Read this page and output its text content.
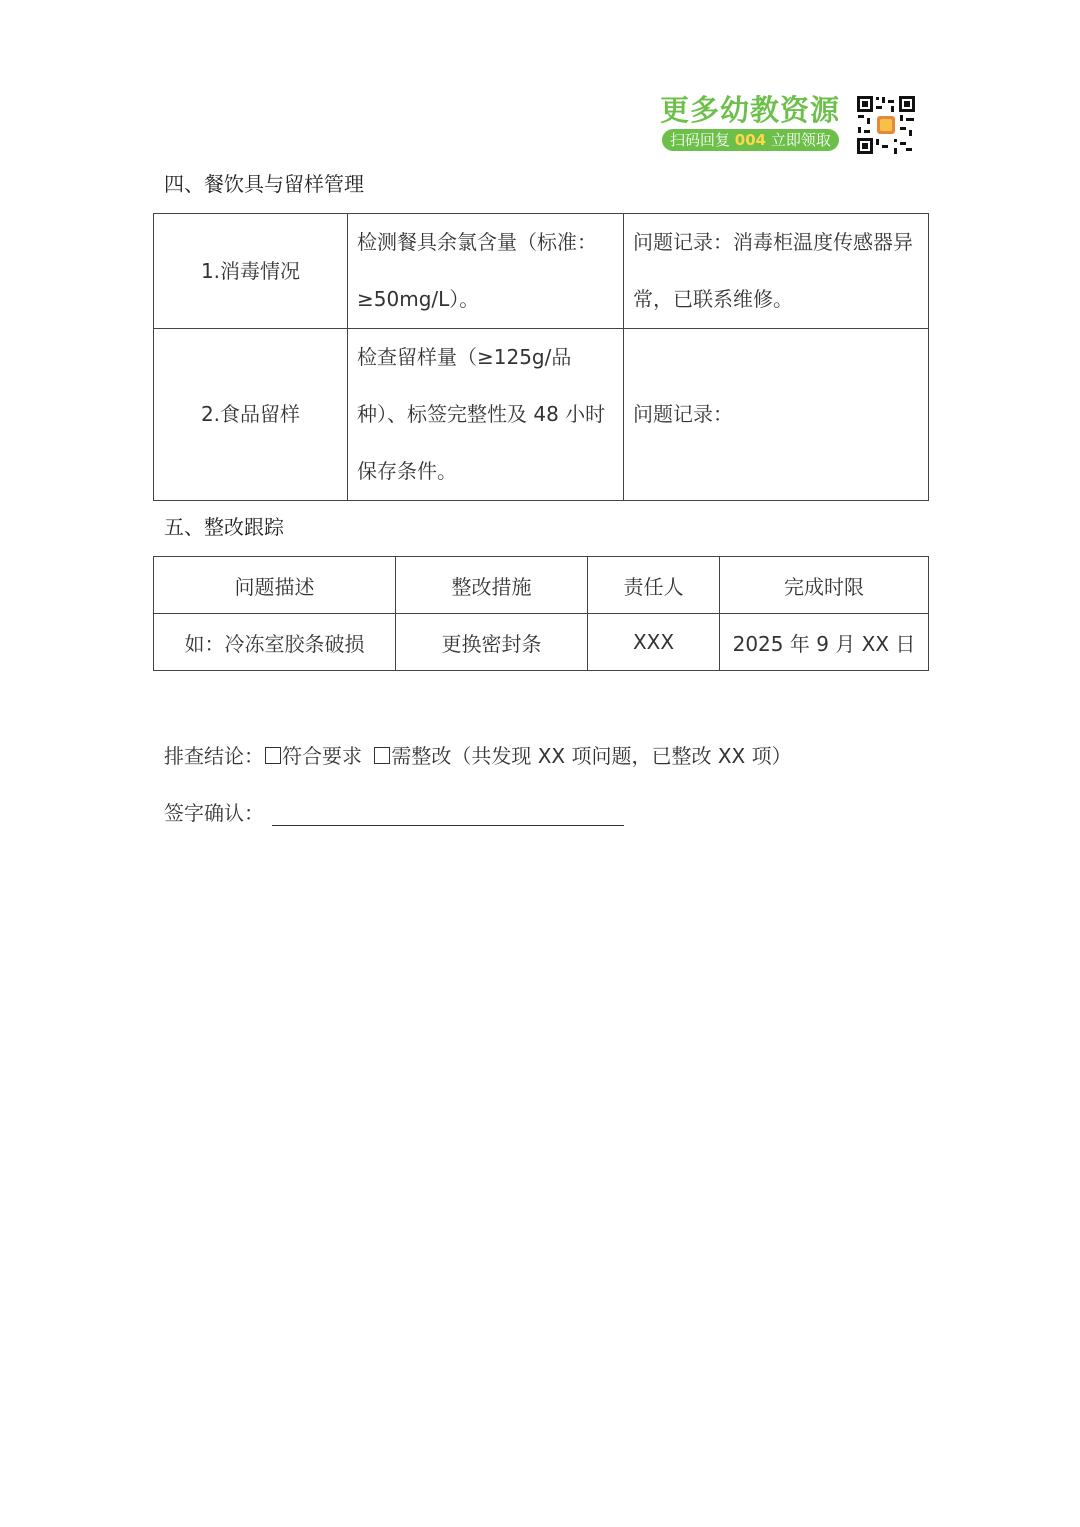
更多幼教资源
扫码回复 004 立即领取
四、餐饮具与留样管理
1.消毒情况	检测餐具余氯含量（标准：≥50mg/L）。	问题记录：消毒柜温度传感器异常，已联系维修。
2.食品留样	检查留样量（≥125g/品种）、标签完整性及 48 小时保存条件。	问题记录：
五、整改跟踪
问题描述	整改措施	责任人	完成时限
如：冷冻室胶条破损	更换密封条	XXX	2025 年 9 月 XX 日
排查结论： 符合要求 需整改（共发现 XX 项问题，已整改 XX 项）
签字确认：
